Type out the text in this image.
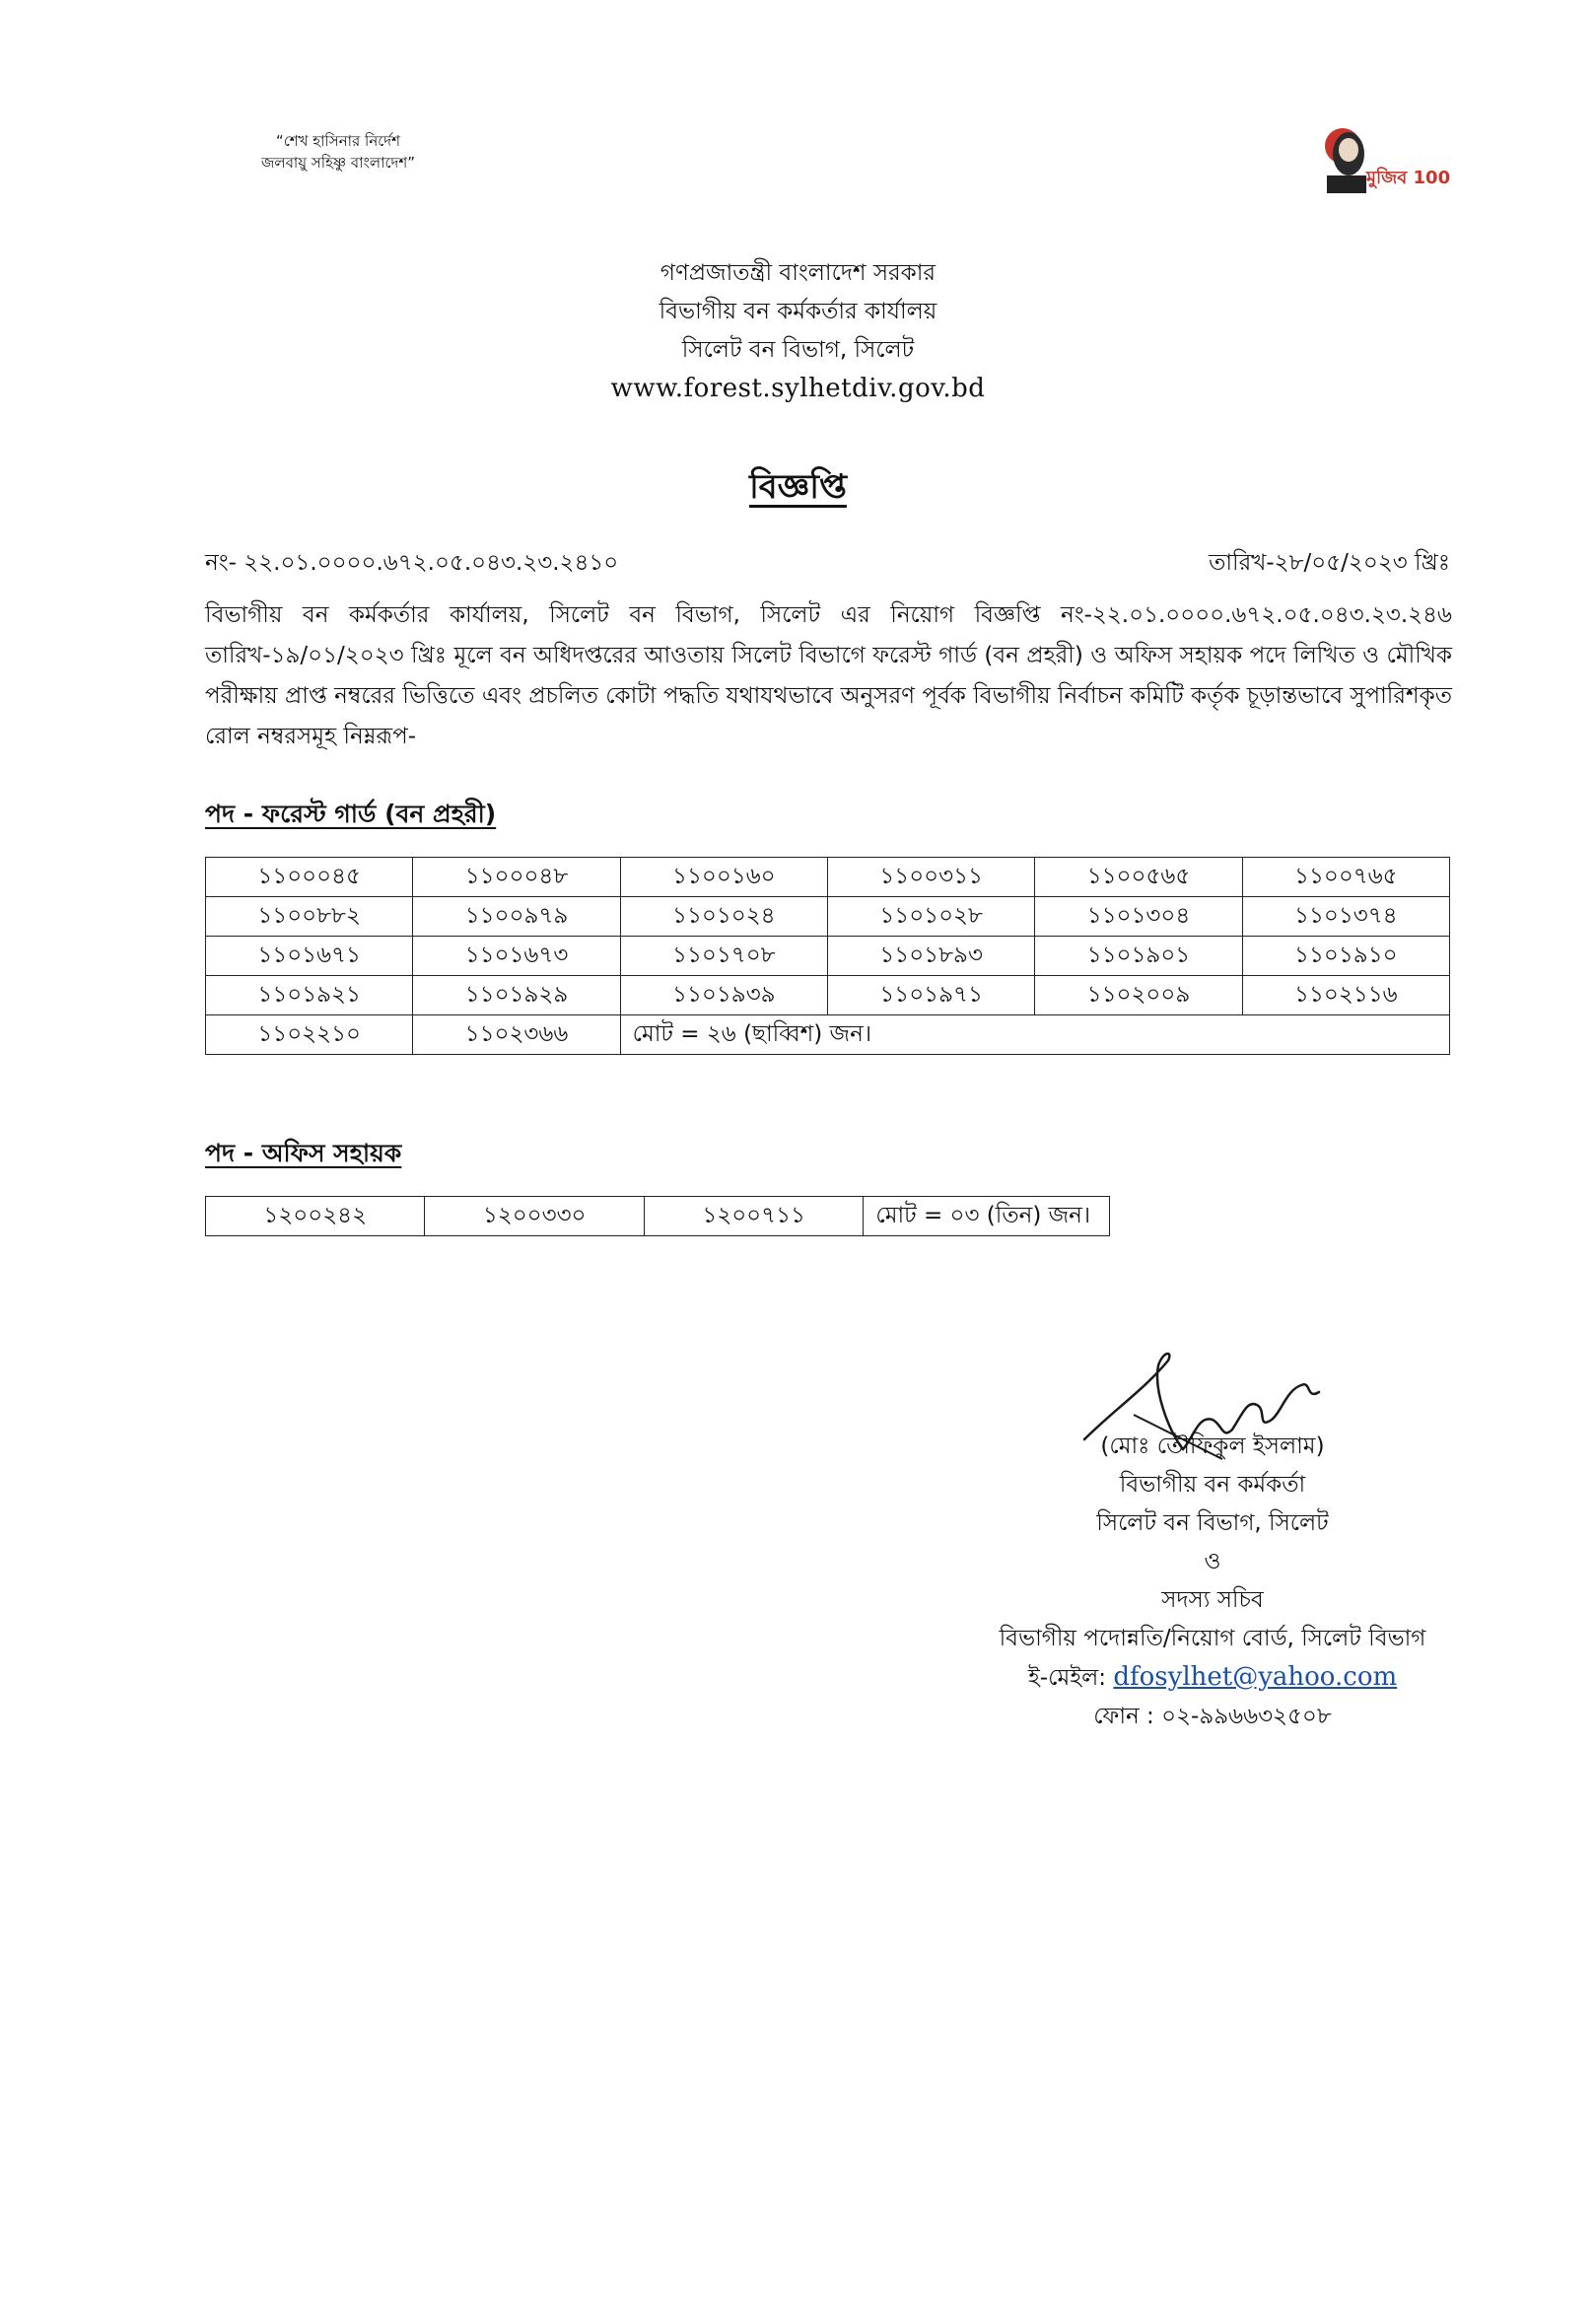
“শেখ হাসিনার নির্দেশ
জলবায়ু সহিষ্ণু বাংলাদেশ”
মুজিব 100
গণপ্রজাতন্ত্রী বাংলাদেশ সরকার
বিভাগীয় বন কর্মকর্তার কার্যালয়
সিলেট বন বিভাগ, সিলেট
www.forest.sylhetdiv.gov.bd
বিজ্ঞপ্তি
নং- ২২.০১.০০০০.৬৭২.০৫.০৪৩.২৩.২৪১০	তারিখ-২৮/০৫/২০২৩ খ্রিঃ
বিভাগীয় বন কর্মকর্তার কার্যালয়, সিলেট বন বিভাগ, সিলেট এর নিয়োগ বিজ্ঞপ্তি নং-২২.০১.০০০০.৬৭২.০৫.০৪৩.২৩.২৪৬ তারিখ-১৯/০১/২০২৩ খ্রিঃ মূলে বন অধিদপ্তরের আওতায় সিলেট বিভাগে ফরেস্ট গার্ড (বন প্রহরী) ও অফিস সহায়ক পদে লিখিত ও মৌখিক পরীক্ষায় প্রাপ্ত নম্বরের ভিত্তিতে এবং প্রচলিত কোটা পদ্ধতি যথাযথভাবে অনুসরণ পূর্বক বিভাগীয় নির্বাচন কমিটি কর্তৃক চূড়ান্তভাবে সুপারিশকৃত রোল নম্বরসমূহ নিম্নরূপ-
পদ - ফরেস্ট গার্ড (বন প্রহরী)
১১০০০৪৫	১১০০০৪৮	১১০০১৬০	১১০০৩১১	১১০০৫৬৫	১১০০৭৬৫
১১০০৮৮২	১১০০৯৭৯	১১০১০২৪	১১০১০২৮	১১০১৩০৪	১১০১৩৭৪
১১০১৬৭১	১১০১৬৭৩	১১০১৭০৮	১১০১৮৯৩	১১০১৯০১	১১০১৯১০
১১০১৯২১	১১০১৯২৯	১১০১৯৩৯	১১০১৯৭১	১১০২০০৯	১১০২১১৬
১১০২২১০	১১০২৩৬৬	মোট = ২৬ (ছাব্বিশ) জন।			
পদ - অফিস সহায়ক
১২০০২৪২	১২০০৩৩০	১২০০৭১১	মোট = ০৩ (তিন) জন।
(মোঃ তৌফিকুল ইসলাম)
বিভাগীয় বন কর্মকর্তা
সিলেট বন বিভাগ, সিলেট
ও
সদস্য সচিব
বিভাগীয় পদোন্নতি/নিয়োগ বোর্ড, সিলেট বিভাগ
ই-মেইল: dfosylhet@yahoo.com
ফোন : ০২-৯৯৬৬৩২৫০৮
